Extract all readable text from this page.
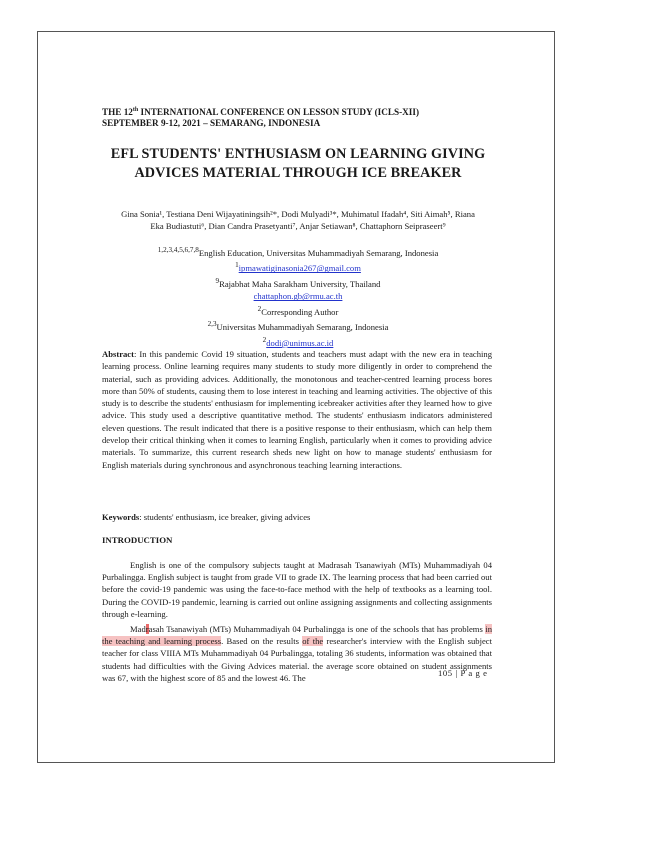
THE 12th INTERNATIONAL CONFERENCE ON LESSON STUDY (ICLS-XII)
SEPTEMBER 9-12, 2021 – SEMARANG, INDONESIA
EFL STUDENTS' ENTHUSIASM ON LEARNING GIVING
ADVICES MATERIAL THROUGH ICE BREAKER
Gina Sonia¹, Testiana Deni Wijayatiningsih²*, Dodi Mulyadi³*, Muhimatul Ifadah⁴, Siti Aimah⁵, Riana
Eka Budiastuti⁶, Dian Candra Prasetyanti⁷, Anjar Setiawan⁸, Chattaphorn Seipraseert⁹
$^{1,2,3,4,5,6,7,8}$English Education, Universitas Muhammadiyah Semarang, Indonesia
$^1$ipmawatiginasonia267@gmail.com
$^9$Rajabhat Maha Sarakham University, Thailand
chattaphon.gb@rmu.ac.th
$^2$Corresponding Author
$^{2,3}$Universitas Muhammadiyah Semarang, Indonesia
$^2$dodi@unimus.ac.id
Abstract: In this pandemic Covid 19 situation, students and teachers must adapt with the new era in teaching learning process. Online learning requires many students to study more diligently in order to comprehend the material, such as providing advices. Additionally, the monotonous and teacher-centred learning process bores more than 50% of students, causing them to lose interest in teaching and learning activities. The objective of this study is to describe the students' enthusiasm for implementing icebreaker activities after they learned how to give advice. This study used a descriptive quantitative method. The students' enthusiasm indicators administered eleven questions. The result indicated that there is a positive response to their enthusiasm, which can help them develop their critical thinking when it comes to learning English, particularly when it comes to providing advice materials. To summarize, this current research sheds new light on how to manage students' enthusiasm for English materials during synchronous and asynchronous teaching learning interactions.
Keywords: students' enthusiasm, ice breaker, giving advices
INTRODUCTION

English is one of the compulsory subjects taught at Madrasah Tsanawiyah (MTs) Muhammadiyah 04 Purbalingga. English subject is taught from grade VII to grade IX. The learning process that had been carried out before the covid-19 pandemic was using the face-to-face method with the help of textbooks as a learning tool. During the COVID-19 pandemic, learning is carried out online assigning assignments and collecting assignments through e-learning.

Madrasah Tsanawiyah (MTs) Muhammadiyah 04 Purbalingga is one of the schools that has problems in the teaching and learning process. Based on the results of the researcher's interview with the English subject teacher for class VIIIA MTs Muhammadiyah 04 Purbalingga, totaling 36 students, information was obtained that students had difficulties with the Giving Advices material. the average score obtained on student assignments was 67, with the highest score of 85 and the lowest 46. The	105 | P a g e
